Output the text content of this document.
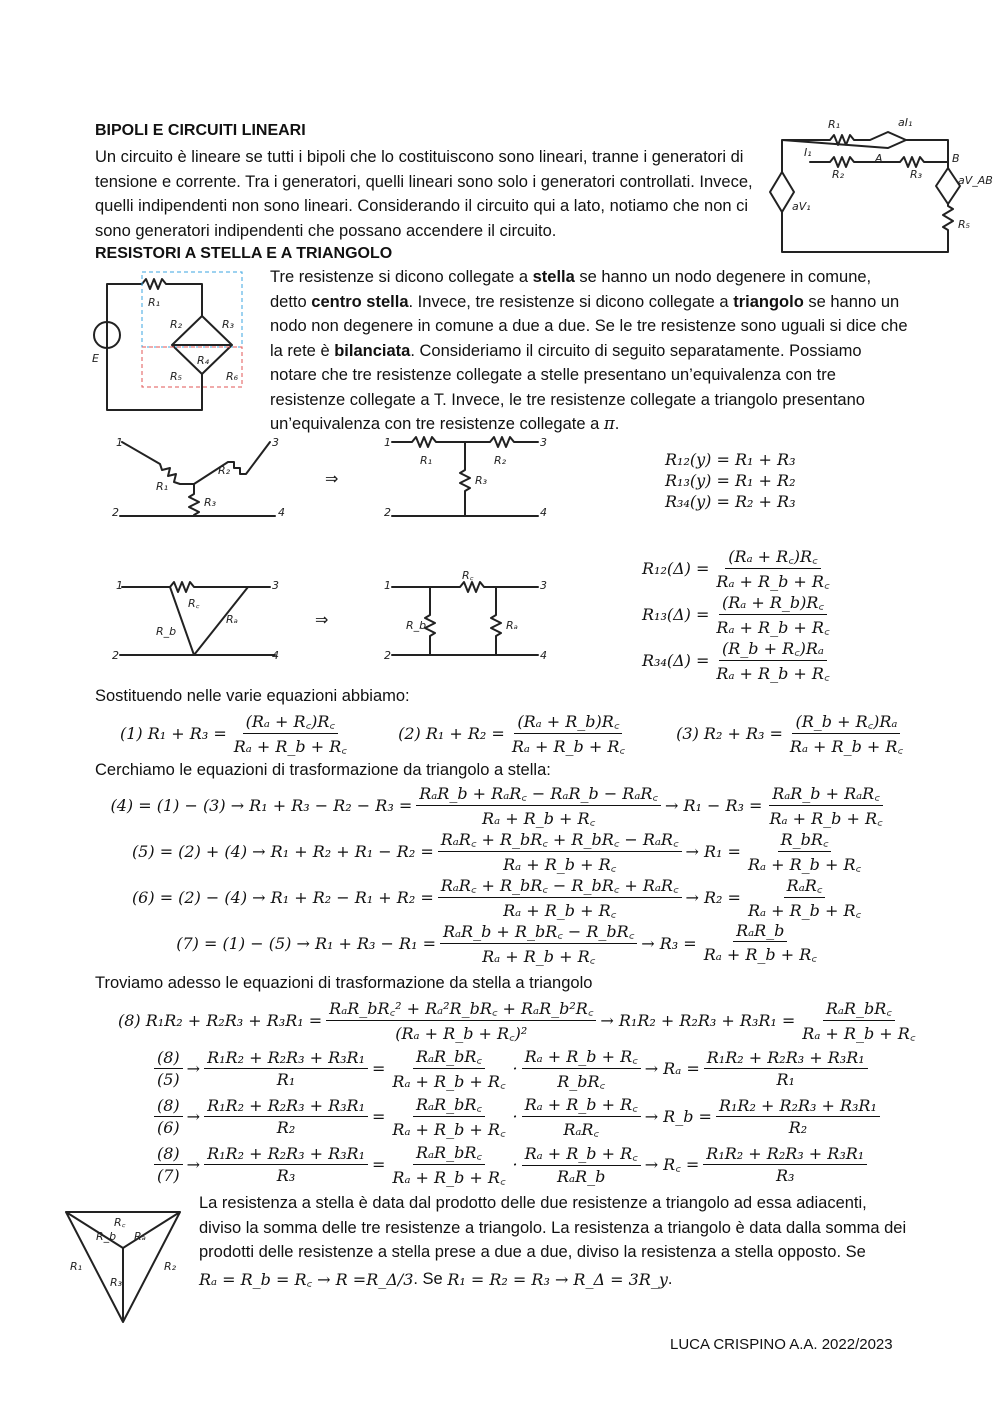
BIPOLI E CIRCUITI LINEARI
Un circuito è lineare se tutti i bipoli che lo costituiscono sono lineari, tranne i generatori di tensione e corrente. Tra i generatori, quelli lineari sono solo i generatori controllati. Invece, quelli indipendenti non sono lineari. Considerando il circuito qui a lato, notiamo che non ci sono generatori indipendenti che possano accendere il circuito.
RESISTORI A STELLA E A TRIANGOLO
R₁	aI₁
I₁
R₂
A
R₃
B
aV₁
aV_AB
R₅
E
R₁
R₂	R₃
R₄
R₅	R₆
Tre resistenze si dicono collegate a stella se hanno un nodo degenere in comune, detto centro stella. Invece, tre resistenze si dicono collegate a triangolo se hanno un nodo non degenere in comune a due a due. Se le tre resistenze sono uguali si dice che la rete è bilanciata. Consideriamo il circuito di seguito separatamente. Possiamo notare che tre resistenze collegate a stelle presentano un’equivalenza con tre resistenze collegate a T. Invece, le tre resistenze collegate a triangolo presentano un’equivalenza con tre resistenze collegate a π.
1	3
2	4
R₁
R₂
R₃
⇒
1	3
2	4
R₁	R₂
R₃
R₁₂(y) = R₁ + R₃
R₁₃(y) = R₁ + R₂
R₃₄(y) = R₂ + R₃
1	3
2	4
R꜀
R_b
Rₐ	⇒
1	3
2	4
R꜀
R_b	Rₐ
$R_{12}(\Delta) = \frac{\text{(Rₐ + R꜀)R꜀}}{\text{Rₐ + R\_b + R꜀}}$
$R_{13}(\Delta) = \frac{\text{(Rₐ + R\_b)R꜀}}{\text{Rₐ + R\_b + R꜀}}$
$R_{34}(\Delta) = \frac{\text{(R\_b + R꜀)Rₐ}}{\text{Rₐ + R\_b + R꜀}}$
Sostituendo nelle varie equazioni abbiamo:
(1) $R_1 + R_3 = \frac{\text{(Rₐ + R꜀)R꜀}}{\text{Rₐ + R\_b + R꜀}}$	(2) $R_1 + R_2 = \frac{\text{(Rₐ + R\_b)R꜀}}{\text{Rₐ + R\_b + R꜀}}$	(3) $R_2 + R_3 = \frac{\text{(R\_b + R꜀)Rₐ}}{\text{Rₐ + R\_b + R꜀}}$
Cerchiamo le equazioni di trasformazione da triangolo a stella:
(4) = (1) − (3) → R₁ + R₃ − R₂ − R₃ =
RₐR_b + RₐR꜀ − RₐR_b − RₐR꜀
Rₐ + R_b + R꜀
→ R₁ − R₃ =
RₐR_b + RₐR꜀
Rₐ + R_b + R꜀
(5) = (2) + (4) → R₁ + R₂ + R₁ − R₂ =
RₐR꜀ + R_bR꜀ + R_bR꜀ − RₐR꜀
Rₐ + R_b + R꜀
→ $R_1 = \frac{R\_bR꜀}{\text{Rₐ + R\_b + R꜀}}$
(6) = (2) − (4) → R₁ + R₂ − R₁ + R₂ =
RₐR꜀ + R_bR꜀ − R_bR꜀ + RₐR꜀
Rₐ + R_b + R꜀
→ R₂ =
RₐR꜀
Rₐ + R_b + R꜀
(7) = (1) − (5) → R₁ + R₃ − R₁ =
RₐR_b + R_bR꜀ − R_bR꜀
Rₐ + R_b + R꜀
→ R₃ =
RₐR_b
Rₐ + R_b + R꜀
Troviamo adesso le equazioni di trasformazione da stella a triangolo
(8) R₁R₂ + R₂R₃ + R₃R₁ =
RₐR_bR꜀² + Rₐ²R_bR꜀ + RₐR_b²R꜀
(Rₐ + R_b + R꜀)²
→ R₁R₂ + R₂R₃ + R₃R₁ =
RₐR_bR꜀
Rₐ + R_b + R꜀
(8)
(5)
→
R₁R₂ + R₂R₃ + R₃R₁
R₁
=
RₐR_bR꜀
Rₐ + R_b + R꜀
·
Rₐ + R_b + R꜀
R_bR꜀
→ $R_a = \frac{\text{R₁R₂ + R₂R₃ + R₃R₁}}{\text{R₁}}$
(8)
(6)
→
R₁R₂ + R₂R₃ + R₃R₁
R₂
=
RₐR_bR꜀
Rₐ + R_b + R꜀
·
Rₐ + R_b + R꜀
RₐR꜀
→ R_b = $\frac{\text{R₁R₂ + R₂R₃ + R₃R₁}}{\text{R₂}}$
(8)
(7)
→
R₁R₂ + R₂R₃ + R₃R₁
R₃
=
RₐR_bR꜀
Rₐ + R_b + R꜀
·
Rₐ + R_b + R꜀
RₐR_b
→ R꜀ = $\frac{\text{R₁R₂ + R₂R₃ + R₃R₁}}{\text{R₃}}$
R꜀
R_b Rₐ
R₁	R₂
R₃
La resistenza a stella è data dal prodotto delle due resistenze a triangolo ad essa adiacenti, diviso la somma delle tre resistenze a triangolo. La resistenza a triangolo è data dalla somma dei prodotti delle resistenze a stella prese a due a due, diviso la resistenza a stella opposto. Se
Rₐ = R_b = R꜀ → R = R_Δ/3 . Se R₁ = R₂ = R₃ → R_Δ = 3R_y .
LUCA CRISPINO A.A. 2022/2023
